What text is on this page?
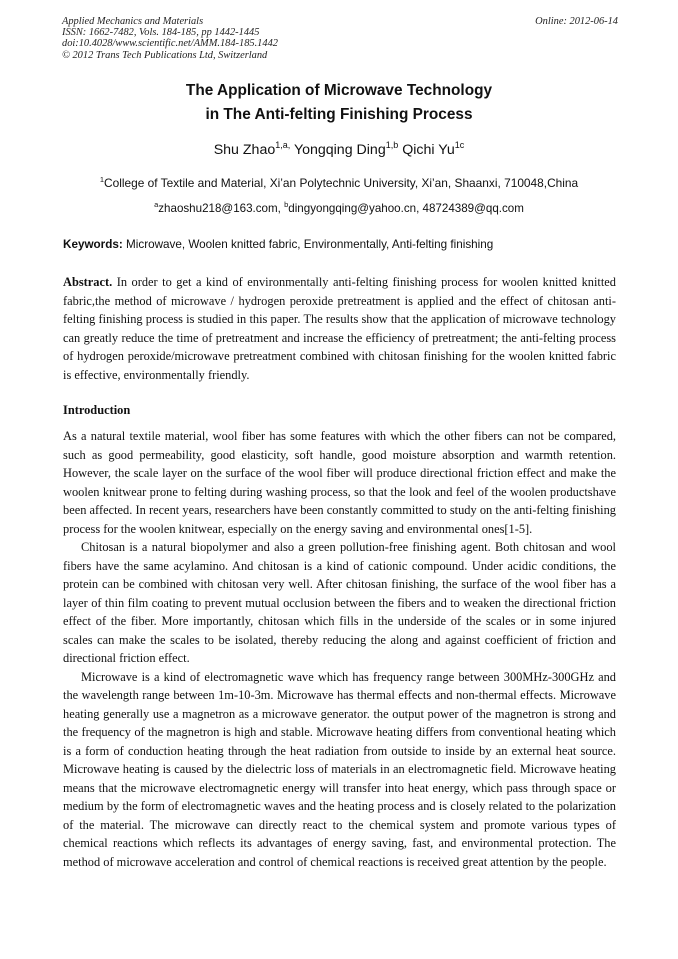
Applied Mechanics and Materials
ISSN: 1662-7482, Vols. 184-185, pp 1442-1445
doi:10.4028/www.scientific.net/AMM.184-185.1442
© 2012 Trans Tech Publications Ltd, Switzerland
Online: 2012-06-14
The Application of Microwave Technology
in The Anti-felting Finishing Process
Shu Zhao$^{1,a,}$ Yongqing Ding$^{1,b}$ Qichi $Yu^{1c}$
$^1$College of Textile and Material, Xi’an Polytechnic University, Xi’an, Shaanxi, 710048,China
$^a$zhaoshu218@163.com, $^b$dingyongqing@yahoo.cn, 48724389@qq.com
Keywords: Microwave, Woolen knitted fabric, Environmentally, Anti-felting finishing
Abstract. In order to get a kind of environmentally anti-felting finishing process for woolen knitted knitted fabric,the method of microwave / hydrogen peroxide pretreatment is applied and the effect of chitosan anti-felting finishing process is studied in this paper. The results show that the application of microwave technology can greatly reduce the time of pretreatment and increase the efficiency of pretreatment; the anti-felting process of hydrogen peroxide/microwave pretreatment combined with chitosan finishing for the woolen knitted fabric is effective, environmentally friendly.
Introduction

As a natural textile material, wool fiber has some features with which the other fibers can not be compared, such as good permeability, good elasticity, soft handle, good moisture absorption and warmth retention. However, the scale layer on the surface of the wool fiber will produce directional friction effect and make the woolen knitwear prone to felting during washing process, so that the look and feel of the woolen productshave been affected. In recent years, researchers have been constantly committed to study on the anti-felting finishing process for the woolen knitwear, especially on the energy saving and environmental ones[1-5].

Chitosan is a natural biopolymer and also a green pollution-free finishing agent. Both chitosan and wool fibers have the same acylamino. And chitosan is a kind of cationic compound. Under acidic conditions, the protein can be combined with chitosan very well. After chitosan finishing, the surface of the wool fiber has a layer of thin film coating to prevent mutual occlusion between the fibers and to weaken the directional friction effect of the fiber. More importantly, chitosan which fills in the underside of the scales or in some injured scales can make the scales to be isolated, thereby reducing the along and against coefficient of friction and directional friction effect.

Microwave is a kind of electromagnetic wave which has frequency range between 300MHz-300GHz and the wavelength range between 1m-10-3m. Microwave has thermal effects and non-thermal effects. Microwave heating generally use a magnetron as a microwave generator. the output power of the magnetron is strong and the frequency of the magnetron is high and stable. Microwave heating differs from conventional heating which is a form of conduction heating through the heat radiation from outside to inside by an external heat source. Microwave heating is caused by the dielectric loss of materials in an electromagnetic field. Microwave heating means that the microwave electromagnetic energy will transfer into heat energy, which pass through space or medium by the form of electromagnetic waves and the heating process and is closely related to the polarization of the material. The microwave can directly react to the chemical system and promote various types of chemical reactions which reflects its advantages of energy saving, fast, and environmental protection. The method of microwave acceleration and control of chemical reactions is received great attention by the people.
